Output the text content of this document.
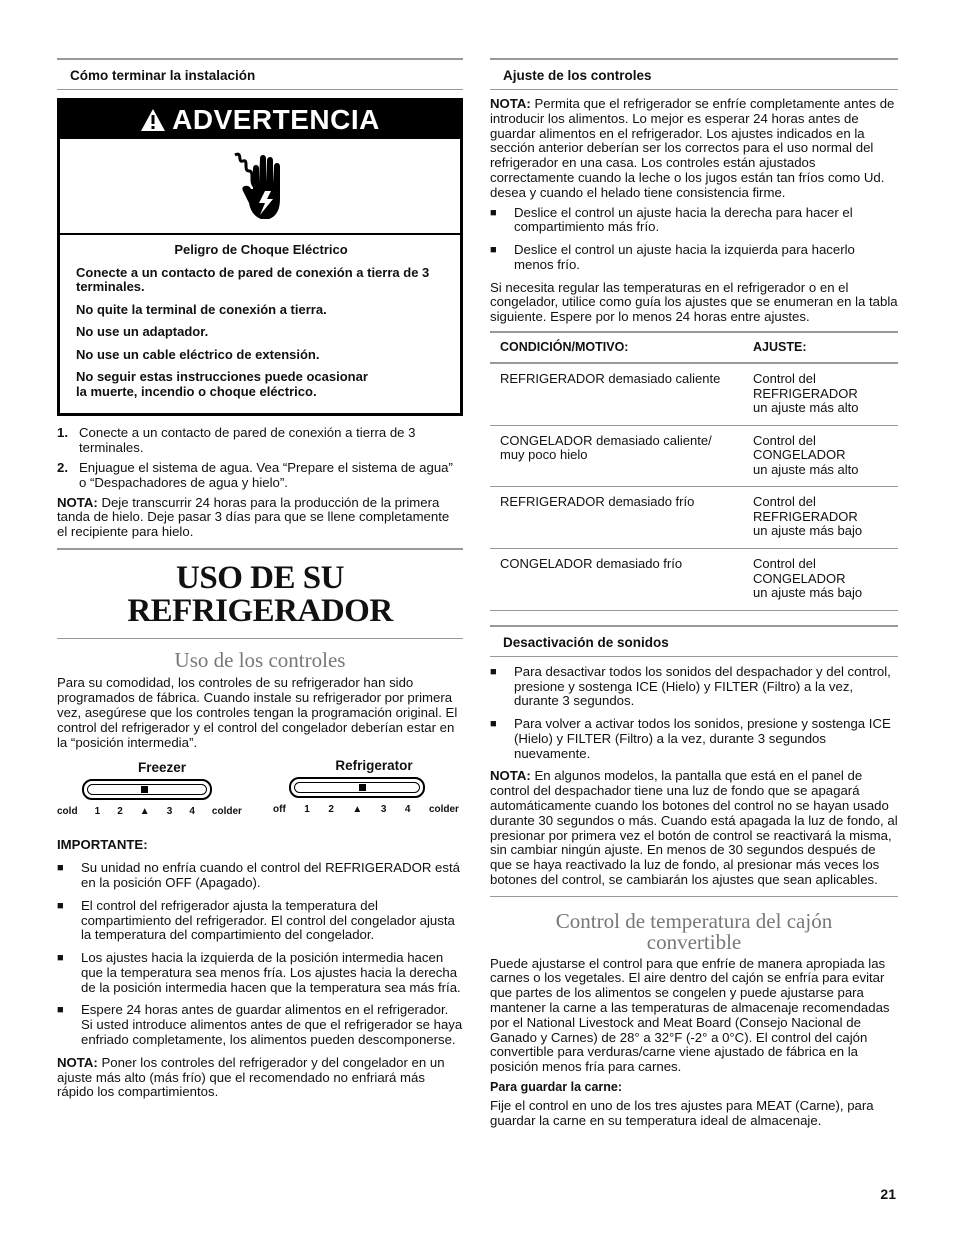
Cómo terminar la instalación
ADVERTENCIA

Peligro de Choque Eléctrico

Conecte a un contacto de pared de conexión a tierra de 3 terminales.

No quite la terminal de conexión a tierra.

No use un adaptador.

No use un cable eléctrico de extensión.

No seguir estas instrucciones puede ocasionar
la muerte, incendio o choque eléctrico.

1. Conecte a un contacto de pared de conexión a tierra de 3 terminales.
2. Enjuague el sistema de agua. Vea “Prepare el sistema de agua” o “Despachadores de agua y hielo”.

NOTA: Deje transcurrir 24 horas para la producción de la primera tanda de hielo. Deje pasar 3 días para que se llene completamente el recipiente para hielo.

USO DE SU
REFRIGERADOR
Uso de los controles

Para su comodidad, los controles de su refrigerador han sido programados de fábrica. Cuando instale su refrigerador por primera vez, asegúrese que los controles tengan la programación original. El control del refrigerador y el control del congelador deberían estar en la “posición intermedia”.

Freezer
cold 1 2 ▲ 3 4 colder
Refrigerator
off 1 2 ▲ 3 4 colder

IMPORTANTE:

■	Su unidad no enfría cuando el control del REFRIGERADOR está en la posición OFF (Apagado).
■	El control del refrigerador ajusta la temperatura del compartimiento del refrigerador. El control del congelador ajusta la temperatura del compartimiento del congelador.
■	Los ajustes hacia la izquierda de la posición intermedia hacen que la temperatura sea menos fría. Los ajustes hacia la derecha de la posición intermedia hacen que la temperatura sea más fría.
■	Espere 24 horas antes de guardar alimentos en el refrigerador. Si usted introduce alimentos antes de que el refrigerador se haya enfriado completamente, los alimentos pueden descomponerse.

NOTA: Poner los controles del refrigerador y del congelador en un ajuste más alto (más frío) que el recomendado no enfriará más rápido los compartimientos.

Ajuste de los controles

NOTA: Permita que el refrigerador se enfríe completamente antes de introducir los alimentos. Lo mejor es esperar 24 horas antes de guardar alimentos en el refrigerador. Los ajustes indicados en la sección anterior deberían ser los correctos para el uso normal del refrigerador en una casa. Los controles están ajustados correctamente cuando la leche o los jugos están tan fríos como Ud. desea y cuando el helado tiene consistencia firme.

■	Deslice el control un ajuste hacia la derecha para hacer el compartimiento más frío.
■	Deslice el control un ajuste hacia la izquierda para hacerlo menos frío.

Si necesita regular las temperaturas en el refrigerador o en el congelador, utilice como guía los ajustes que se enumeran en la tabla siguiente. Espere por lo menos 24 horas entre ajustes.

CONDICIÓN/MOTIVO:	AJUSTE:
REFRIGERADOR demasiado caliente	Control del
REFRIGERADOR
un ajuste más alto
CONGELADOR demasiado caliente/ muy poco hielo	Control del
CONGELADOR
un ajuste más alto
REFRIGERADOR demasiado frío	Control del
REFRIGERADOR
un ajuste más bajo
CONGELADOR demasiado frío	Control del
CONGELADOR
un ajuste más bajo
Desactivación de sonidos
■	Para desactivar todos los sonidos del despachador y del control, presione y sostenga ICE (Hielo) y FILTER (Filtro) a la vez, durante 3 segundos.
■	Para volver a activar todos los sonidos, presione y sostenga ICE (Hielo) y FILTER (Filtro) a la vez, durante 3 segundos nuevamente.

NOTA: En algunos modelos, la pantalla que está en el panel de control del despachador tiene una luz de fondo que se apagará automáticamente cuando los botones del control no se hayan usado durante 30 segundos o más. Cuando está apagada la luz de fondo, al presionar por primera vez el botón de control se reactivará la misma, sin cambiar ningún ajuste. En menos de 30 segundos después de que se haya reactivado la luz de fondo, al presionar más veces los botones del control, se cambiarán los ajustes que sean aplicables.

Control de temperatura del cajón
convertible

Puede ajustarse el control para que enfríe de manera apropiada las carnes o los vegetales. El aire dentro del cajón se enfría para evitar que partes de los alimentos se congelen y puede ajustarse para mantener la carne a las temperaturas de almacenaje recomendadas por el National Livestock and Meat Board (Consejo Nacional de Ganado y Carnes) de 28° a 32°F (-2° a 0°C). El control del cajón convertible para verduras/carne viene ajustado de fábrica en la posición menos fría para carnes.

Para guardar la carne:

Fije el control en uno de los tres ajustes para MEAT (Carne), para guardar la carne en su temperatura ideal de almacenaje.

21
